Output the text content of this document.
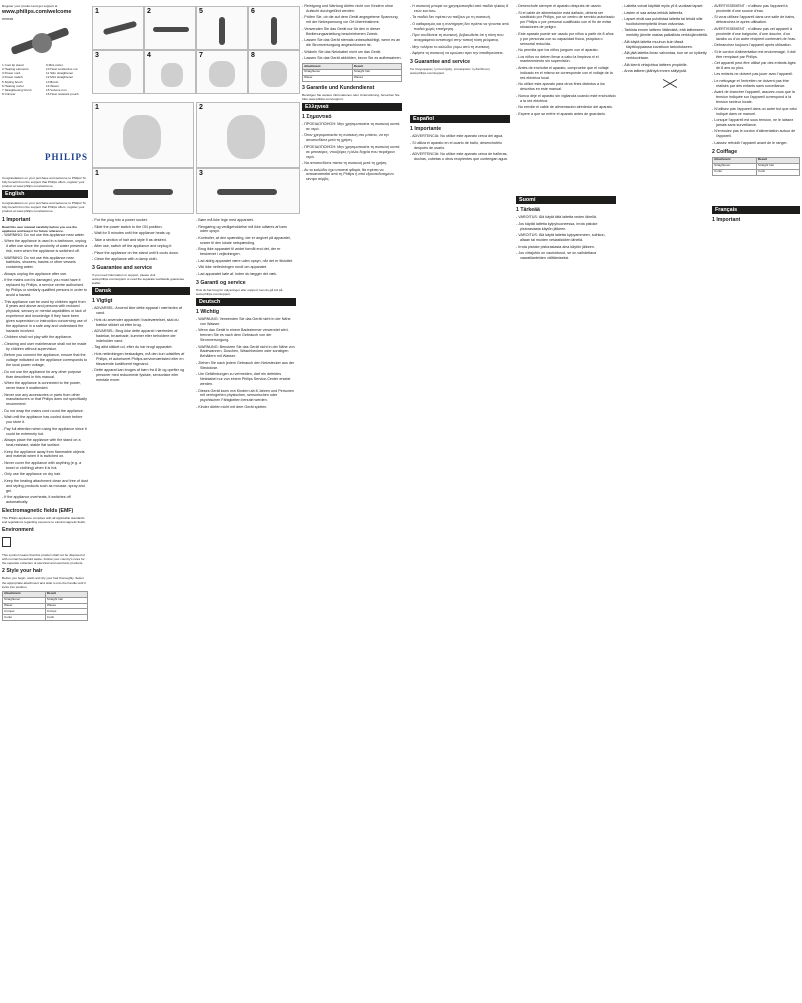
Register your product and get support at
www.philips.com/welcome
HP8699
1 Cool tip stand	9 Mini curler
2 Heating elements	10 Heat conductive cut
3 Power cord	11 Slim straightener
4 Power switch	12 Mini straightener
5 Styling brush	13 Brush
6 Heating curler	14 Waver
7 Straightening brush	15 Volume iron
8 Crimper	16 Heat resistant pouch
PHILIPS
Congratulations on your purchase and welcome to Philips! To fully benefit from the support that Philips offers, register your product at www.philips.com/welcome.
English
Congratulations on your purchase and welcome to Philips! To fully benefit from the support that Philips offers, register your product at www.philips.com/welcome.
1 Important
Read this user manual carefully before you use the appliance and keep it for future reference.

- WARNING: Do not use this appliance near water.

- When the appliance is used in a bathroom, unplug it after use since the proximity of water presents a risk, even when the appliance is switched off.

- WARNING: Do not use this appliance near bathtubs, showers, basins or other vessels containing water.

- Always unplug the appliance after use.

- If the mains cord is damaged, you must have it replaced by Philips, a service centre authorised by Philips or similarly qualified persons in order to avoid a hazard.

- This appliance can be used by children aged from 8 years and above and persons with reduced physical, sensory or mental capabilities or lack of experience and knowledge if they have been given supervision or instruction concerning use of the appliance in a safe way and understand the hazards involved.

- Children shall not play with the appliance.

- Cleaning and user maintenance shall not be made by children without supervision.

- Before you connect the appliance, ensure that the voltage indicated on the appliance corresponds to the local power voltage.

- Do not use the appliance for any other purpose than described in this manual.

- When the appliance is connected to the power, never leave it unattended.

- Never use any accessories or parts from other manufacturers or that Philips does not specifically recommend.

- Do not wrap the mains cord round the appliance.

- Wait until the appliance has cooled down before you store it.

- Pay full attention when using the appliance since it could be extremely hot.

- Always place the appliance with the stand on a heat-resistant, stable flat surface.

- Keep the appliance away from flammable objects and material when it is switched on.

- Never cover the appliance with anything (e.g. a towel or clothing) when it is hot.

- Only use the appliance on dry hair.

- Keep the heating attachment clean and free of dust and styling products such as mousse, spray and gel.

- If the appliance overheats, it switches off automatically.

Electromagnetic fields (EMF)
This Philips appliance complies with all applicable standards and regulations regarding exposure to electromagnetic fields.
Environment
This symbol means that this product shall not be disposed of with normal household waste. Follow your country's rules for the separate collection of electrical and electronic products.
2 Style your hair
Before you begin, wash and dry your hair thoroughly. Select the appropriate attachment and slide it onto the handle until it locks into position.
Attachment	Result
Straightener	Straight hair
Waver	Waves
Crimper	Crimps
Curler	Curls
1	2
3	4
5	6
7	8
1	2
1	3

- Put the plug into a power socket.

- Slide the power switch to the ON position.

- Wait for 5 minutes until the appliance heats up.

- Take a section of hair and style it as desired.

- After use, switch off the appliance and unplug it.

- Place the appliance on the stand until it cools down.

- Clean the appliance with a damp cloth.

3 Guarantee and service
If you need information or support, please visit www.philips.com/support or read the separate worldwide guarantee leaflet.
Dansk
1 Vigtigt

- ADVARSEL: Anvend ikke dette apparat i nærheden af vand.

- Hvis du anvender apparatet i badeværelset, skal du trække stikket ud efter brug.

- ADVARSEL: Brug ikke dette apparat i nærheden af badekar, brusebade, kummer eller beholdere der indeholder vand.

- Tag altid stikket ud, efter du har brugt apparatet.

- Hvis netledningen beskadiges, må den kun udskiftes af Philips, et autoriseret Philips-serviceværksted eller en tilsvarende kvalificeret fagmand.

- Dette apparat kan bruges af børn fra 8 år og opefter og personer med reducerede fysiske, sensoriske eller mentale evner.

- Børn må ikke lege med apparatet.

- Rengøring og vedligeholdelse må ikke udføres af børn uden opsyn.

- Kontroller, at den spænding, der er angivet på apparatet, svarer til den lokale netspænding.

- Brug ikke apparatet til andet formål end det, der er beskrevet i vejledningen.

- Lad aldrig apparatet være uden opsyn, når det er tilsluttet.

- Vikl ikke netledningen rundt om apparatet.

- Lad apparatet køle af, inden du lægger det væk.

3 Garanti og service
Hvis du har brug for oplysninger eller support, kan du gå ind på www.philips.com/support.
Deutsch
1 Wichtig

- WARNUNG: Verwenden Sie das Gerät nicht in der Nähe von Wasser.

- Wenn das Gerät in einem Badezimmer verwendet wird, trennen Sie es nach dem Gebrauch von der Stromversorgung.

- WARNUNG: Benutzen Sie das Gerät nicht in der Nähe von Badewannen, Duschen, Waschbecken oder sonstigen Behältern mit Wasser.

- Ziehen Sie nach jedem Gebrauch den Netzstecker aus der Steckdose.

- Um Gefährdungen zu vermeiden, darf ein defektes Netzkabel nur von einem Philips Service-Center ersetzt werden.

- Dieses Gerät kann von Kindern ab 8 Jahren und Personen mit verringerten physischen, sensorischen oder psychischen Fähigkeiten benutzt werden.

- Kinder dürfen nicht mit dem Gerät spielen.

- Reinigung und Wartung dürfen nicht von Kindern ohne Aufsicht durchgeführt werden.

- Prüfen Sie, ob die auf dem Gerät angegebene Spannung mit der Netzspannung vor Ort übereinstimmt.

- Verwenden Sie das Gerät nur für den in dieser Bedienungsanleitung beschriebenen Zweck.

- Lassen Sie das Gerät niemals unbeaufsichtigt, wenn es an die Stromversorgung angeschlossen ist.

- Wickeln Sie das Netzkabel nicht um das Gerät.

- Lassen Sie das Gerät abkühlen, bevor Sie es aufbewahren.

Attachment	Result
Straightener	Straight hair
Waver	Waves
3 Garantie und Kundendienst
Benötigen Sie weitere Informationen oder Unterstützung, besuchen Sie bitte www.philips.com/support.
Ελληνικά
1 Σημαντικό

- ΠΡΟΕΙΔΟΠΟΙΗΣΗ: Μην χρησιμοποιείτε τη συσκευή κοντά σε νερό.

- Όταν χρησιμοποιείτε τη συσκευή στο μπάνιο, να την αποσυνδέετε μετά τη χρήση.

- ΠΡΟΕΙΔΟΠΟΙΗΣΗ: Μην χρησιμοποιείτε τη συσκευή κοντά σε μπανιέρες, ντουζιέρες ή άλλα δοχεία που περιέχουν νερό.

- Να αποσυνδέετε πάντα τη συσκευή μετά τη χρήση.

- Αν το καλώδιο έχει υποστεί φθορά, θα πρέπει να αντικατασταθεί από τη Philips ή από εξουσιοδοτημένο κέντρο σέρβις.

- Η συσκευή μπορεί να χρησιμοποιηθεί από παιδιά ηλικίας 8 ετών και άνω.

- Τα παιδιά δεν πρέπει να παίζουν με τη συσκευή.

- Ο καθαρισμός και η συντήρηση δεν πρέπει να γίνονται από παιδιά χωρίς επιτήρηση.

- Πριν συνδέσετε τη συσκευή, βεβαιωθείτε ότι η τάση που αναγράφεται αντιστοιχεί στην τοπική τάση ρεύματος.

- Μην τυλίγετε το καλώδιο γύρω από τη συσκευή.

- Αφήστε τη συσκευή να κρυώσει πριν την αποθηκεύσετε.

3 Guarantee and service
Για πληροφορίες ή υποστήριξη, επισκεφτείτε τη διεύθυνση www.philips.com/support.
Español
1 Importante

- ADVERTENCIA: No utilice este aparato cerca del agua.

- Si utiliza el aparato en el cuarto de baño, desenchúfelo después de usarlo.

- ADVERTENCIA: No utilice este aparato cerca de bañeras, duchas, cubetas u otros recipientes que contengan agua.

- Desenchufe siempre el aparato después de usarlo.

- Si el cable de alimentación está dañado, deberá ser sustituido por Philips, por un centro de servicio autorizado por Philips o por personal cualificado con el fin de evitar situaciones de peligro.

- Este aparato puede ser usado por niños a partir de 8 años y por personas con su capacidad física, psíquica o sensorial reducida.

- No permita que los niños jueguen con el aparato.

- Los niños no deben llevar a cabo la limpieza ni el mantenimiento sin supervisión.

- Antes de enchufar el aparato, compruebe que el voltaje indicado en el mismo se corresponde con el voltaje de la red eléctrica local.

- No utilice este aparato para otros fines distintos a los descritos en este manual.

- Nunca deje el aparato sin vigilancia cuando esté enchufado a la red eléctrica.

- No enrolle el cable de alimentación alrededor del aparato.

- Espere a que se enfríe el aparato antes de guardarlo.

Suomi
1 Tärkeää

- VAROITUS: Älä käytä tätä laitetta veden lähellä.

- Jos käytät laitetta kylpyhuoneessa, irrota pistoke pistorasiasta käytön jälkeen.

- VAROITUS: Älä käytä laitetta kylpyammeen, suihkun, altaan tai muiden vesiastioiden lähellä.

- Irrota pistoke pistorasiasta aina käytön jälkeen.

- Jos virtajohto on vaurioitunut, se on vaihdettava vaaratilanteiden välttämiseksi.

- Laitetta voivat käyttää myös yli 8-vuotiaat lapset.

- Lasten ei saa antaa leikkiä laitteella.

- Lapset eivät saa puhdistaa laitetta tai tehdä sille huoltotoimenpiteitä ilman valvontaa.

- Tarkista ennen laitteen liittämistä, että laitteeseen merkitty jännite vastaa paikallista verkkojännitettä.

- Älä käytä laitetta muuhun kuin tässä käyttöoppaassa kuvattuun tarkoitukseen.

- Älä jätä laitetta ilman valvontaa, kun se on kytketty verkkovirtaan.

- Älä kierrä virtajohtoa laitteen ympärille.

- Anna laitteen jäähtyä ennen säilytystä.

- AVERTISSEMENT : n'utilisez pas l'appareil à proximité d'une source d'eau.

- Si vous utilisez l'appareil dans une salle de bains, débranchez-le après utilisation.

- AVERTISSEMENT : n'utilisez pas cet appareil à proximité d'une baignoire, d'une douche, d'un lavabo ou d'un autre récipient contenant de l'eau.

- Débranchez toujours l'appareil après utilisation.

- Si le cordon d'alimentation est endommagé, il doit être remplacé par Philips.

- Cet appareil peut être utilisé par des enfants âgés de 8 ans ou plus.

- Les enfants ne doivent pas jouer avec l'appareil.

- Le nettoyage et l'entretien ne doivent pas être réalisés par des enfants sans surveillance.

- Avant de brancher l'appareil, assurez-vous que la tension indiquée sur l'appareil correspond à la tension secteur locale.

- N'utilisez pas l'appareil dans un autre but que celui indiqué dans ce manuel.

- Lorsque l'appareil est sous tension, ne le laissez jamais sans surveillance.

- N'enroulez pas le cordon d'alimentation autour de l'appareil.

- Laissez refroidir l'appareil avant de le ranger.

2 Coiffage
Attachment	Result
Straightener	Straight hair
Curler	Curls
Français
1 Important
